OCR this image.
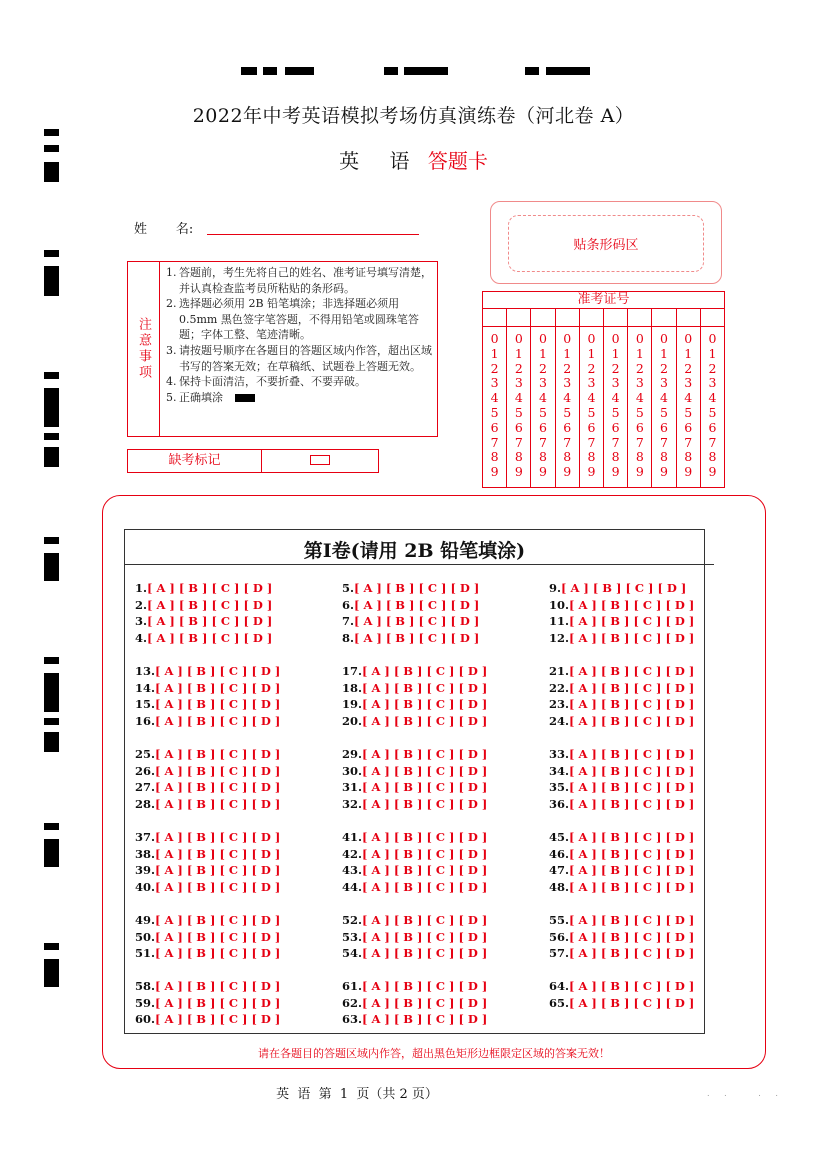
2022年中考英语模拟考场仿真演练卷（河北卷 A）
英 语 答题卡
姓       名:
注意事项
1. 答题前，考生先将自己的姓名、准考证号填写清楚，并认真检查监考员所粘贴的条形码。
2. 选择题必须用 2B 铅笔填涂；非选择题必须用 0.5mm 黑色签字笔答题，不得用铅笔或圆珠笔答题；字体工整、笔迹清晰。
3. 请按题号顺序在各题目的答题区域内作答，超出区域书写的答案无效；在草稿纸、试题卷上答题无效。
4. 保持卡面清洁，不要折叠、不要弄破。
5. 正确填涂
缺考标记
贴条形码区
准考证号
0
1
2
3
4
5
6
7
8
9
0
1
2
3
4
5
6
7
8
9
0
1
2
3
4
5
6
7
8
9
0
1
2
3
4
5
6
7
8
9
0
1
2
3
4
5
6
7
8
9
0
1
2
3
4
5
6
7
8
9
0
1
2
3
4
5
6
7
8
9
0
1
2
3
4
5
6
7
8
9
0
1
2
3
4
5
6
7
8
9
0
1
2
3
4
5
6
7
8
9
第Ⅰ卷(请用 2B 铅笔填涂)
1.[ A ] [ B ] [ C ] [ D ]
2.[ A ] [ B ] [ C ] [ D ]
3.[ A ] [ B ] [ C ] [ D ]
4.[ A ] [ B ] [ C ] [ D ]
5.[ A ] [ B ] [ C ] [ D ]
6.[ A ] [ B ] [ C ] [ D ]
7.[ A ] [ B ] [ C ] [ D ]
8.[ A ] [ B ] [ C ] [ D ]
9.[ A ] [ B ] [ C ] [ D ]
10.[ A ] [ B ] [ C ] [ D ]
11.[ A ] [ B ] [ C ] [ D ]
12.[ A ] [ B ] [ C ] [ D ]
13.[ A ] [ B ] [ C ] [ D ]
14.[ A ] [ B ] [ C ] [ D ]
15.[ A ] [ B ] [ C ] [ D ]
16.[ A ] [ B ] [ C ] [ D ]
17.[ A ] [ B ] [ C ] [ D ]
18.[ A ] [ B ] [ C ] [ D ]
19.[ A ] [ B ] [ C ] [ D ]
20.[ A ] [ B ] [ C ] [ D ]
21.[ A ] [ B ] [ C ] [ D ]
22.[ A ] [ B ] [ C ] [ D ]
23.[ A ] [ B ] [ C ] [ D ]
24.[ A ] [ B ] [ C ] [ D ]
25.[ A ] [ B ] [ C ] [ D ]
26.[ A ] [ B ] [ C ] [ D ]
27.[ A ] [ B ] [ C ] [ D ]
28.[ A ] [ B ] [ C ] [ D ]
29.[ A ] [ B ] [ C ] [ D ]
30.[ A ] [ B ] [ C ] [ D ]
31.[ A ] [ B ] [ C ] [ D ]
32.[ A ] [ B ] [ C ] [ D ]
33.[ A ] [ B ] [ C ] [ D ]
34.[ A ] [ B ] [ C ] [ D ]
35.[ A ] [ B ] [ C ] [ D ]
36.[ A ] [ B ] [ C ] [ D ]
37.[ A ] [ B ] [ C ] [ D ]
38.[ A ] [ B ] [ C ] [ D ]
39.[ A ] [ B ] [ C ] [ D ]
40.[ A ] [ B ] [ C ] [ D ]
41.[ A ] [ B ] [ C ] [ D ]
42.[ A ] [ B ] [ C ] [ D ]
43.[ A ] [ B ] [ C ] [ D ]
44.[ A ] [ B ] [ C ] [ D ]
45.[ A ] [ B ] [ C ] [ D ]
46.[ A ] [ B ] [ C ] [ D ]
47.[ A ] [ B ] [ C ] [ D ]
48.[ A ] [ B ] [ C ] [ D ]
49.[ A ] [ B ] [ C ] [ D ]
50.[ A ] [ B ] [ C ] [ D ]
51.[ A ] [ B ] [ C ] [ D ]
52.[ A ] [ B ] [ C ] [ D ]
53.[ A ] [ B ] [ C ] [ D ]
54.[ A ] [ B ] [ C ] [ D ]
55.[ A ] [ B ] [ C ] [ D ]
56.[ A ] [ B ] [ C ] [ D ]
57.[ A ] [ B ] [ C ] [ D ]
58.[ A ] [ B ] [ C ] [ D ]
59.[ A ] [ B ] [ C ] [ D ]
60.[ A ] [ B ] [ C ] [ D ]
61.[ A ] [ B ] [ C ] [ D ]
62.[ A ] [ B ] [ C ] [ D ]
63.[ A ] [ B ] [ C ] [ D ]
64.[ A ] [ B ] [ C ] [ D ]
65.[ A ] [ B ] [ C ] [ D ]
请在各题目的答题区域内作答，超出黑色矩形边框限定区域的答案无效！
英  语  第  1  页（共 2 页）	. .   . .
